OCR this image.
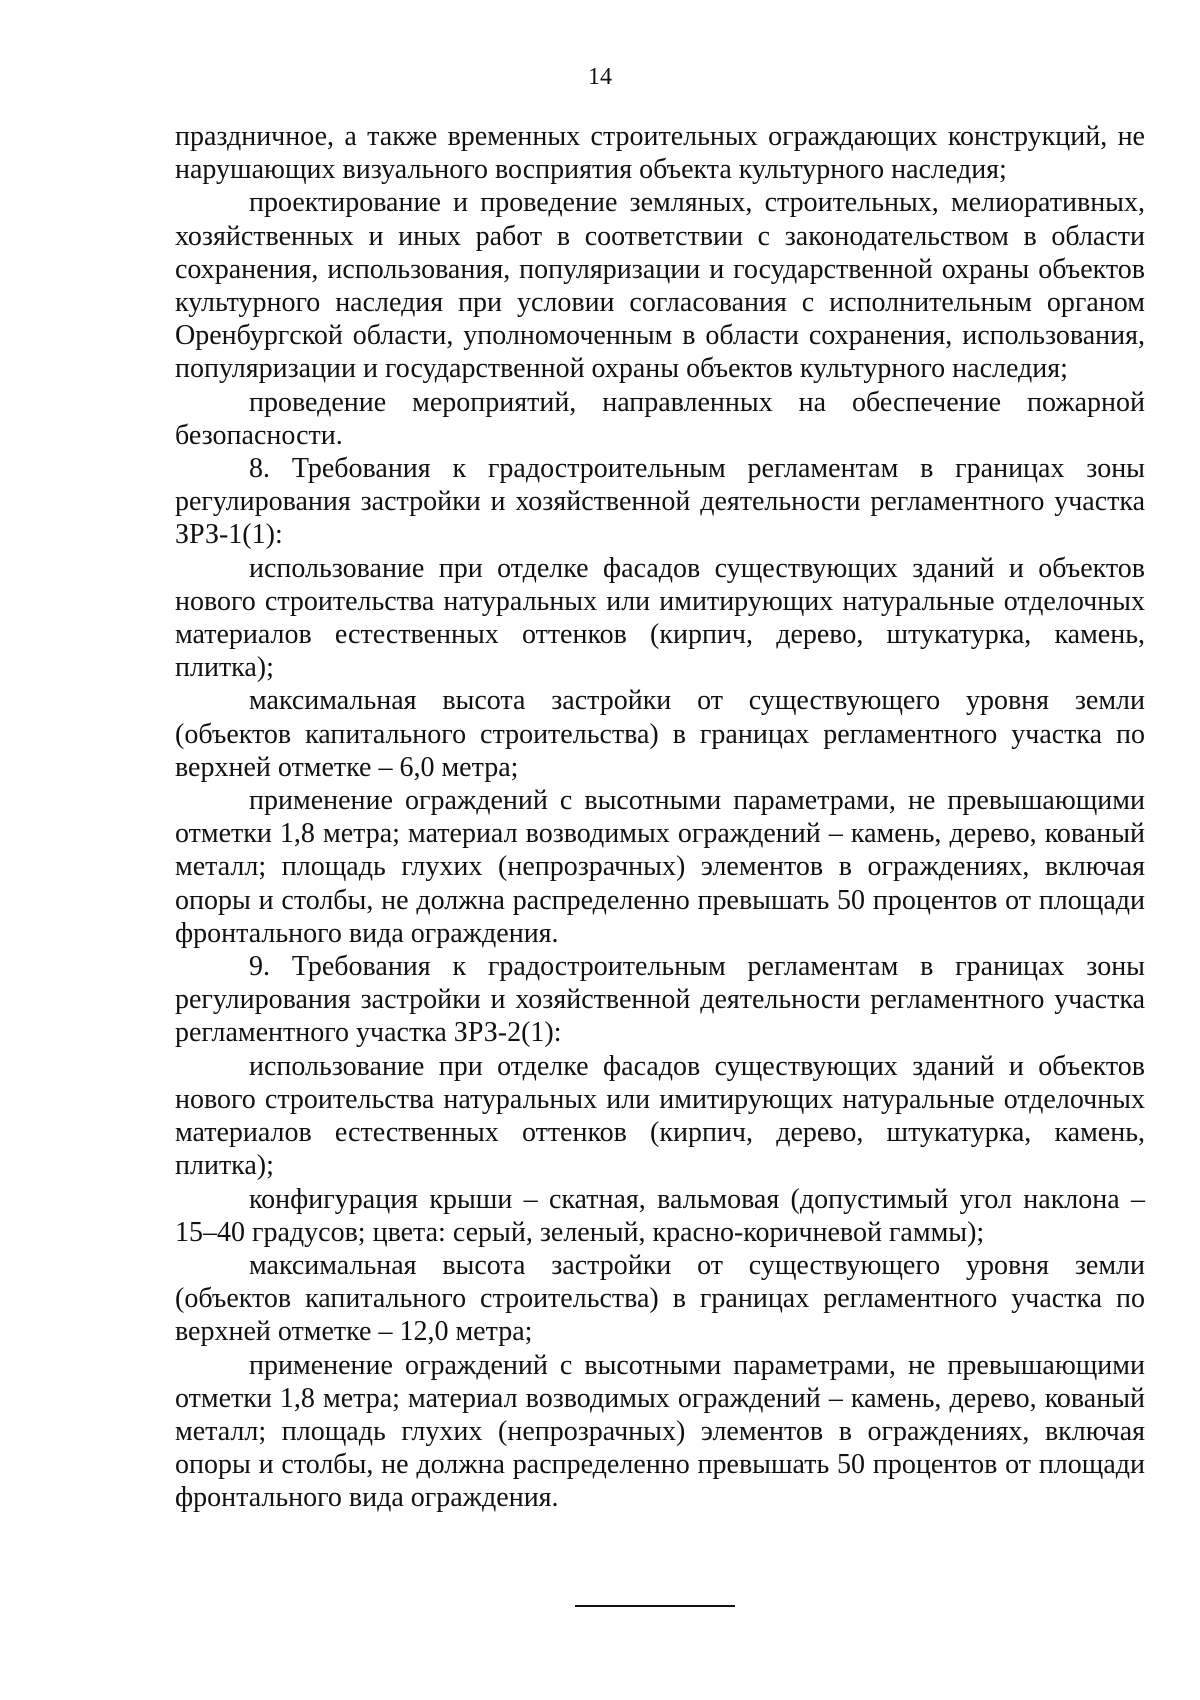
14

праздничное, а также временных строительных ограждающих конструкций, не нарушающих визуального восприятия объекта культурного наследия;

проектирование и проведение земляных, строительных, мелиоративных, хозяйственных и иных работ в соответствии с законодательством в области сохранения, использования, популяризации и государственной охраны объектов культурного наследия при условии согласования с исполнительным органом Оренбургской области, уполномоченным в области сохранения, использования, популяризации и государственной охраны объектов культурного наследия;

проведение мероприятий, направленных на обеспечение пожарной безопасности.

8. Требования к градостроительным регламентам в границах зоны регулирования застройки и хозяйственной деятельности регламентного участка ЗРЗ-1(1):

использование при отделке фасадов существующих зданий и объектов нового строительства натуральных или имитирующих натуральные отделочных материалов естественных оттенков (кирпич, дерево, штукатурка, камень, плитка);

максимальная высота застройки от существующего уровня земли (объектов капитального строительства) в границах регламентного участка по верхней отметке – 6,0 метра;

применение ограждений с высотными параметрами, не превышающими отметки 1,8 метра; материал возводимых ограждений – камень, дерево, кованый металл; площадь глухих (непрозрачных) элементов в ограждениях, включая опоры и столбы, не должна распределенно превышать 50 процентов от площади фронтального вида ограждения.

9. Требования к градостроительным регламентам в границах зоны регулирования застройки и хозяйственной деятельности регламентного участка регламентного участка ЗРЗ-2(1):

использование при отделке фасадов существующих зданий и объектов нового строительства натуральных или имитирующих натуральные отделочных материалов естественных оттенков (кирпич, дерево, штукатурка, камень, плитка);

конфигурация крыши – скатная, вальмовая (допустимый угол наклона – 15–40 градусов; цвета: серый, зеленый, красно-коричневой гаммы);

максимальная высота застройки от существующего уровня земли (объектов капитального строительства) в границах регламентного участка по верхней отметке – 12,0 метра;

применение ограждений с высотными параметрами, не превышающими отметки 1,8 метра; материал возводимых ограждений – камень, дерево, кованый металл; площадь глухих (непрозрачных) элементов в ограждениях, включая опоры и столбы, не должна распределенно превышать 50 процентов от площади фронтального вида ограждения.
